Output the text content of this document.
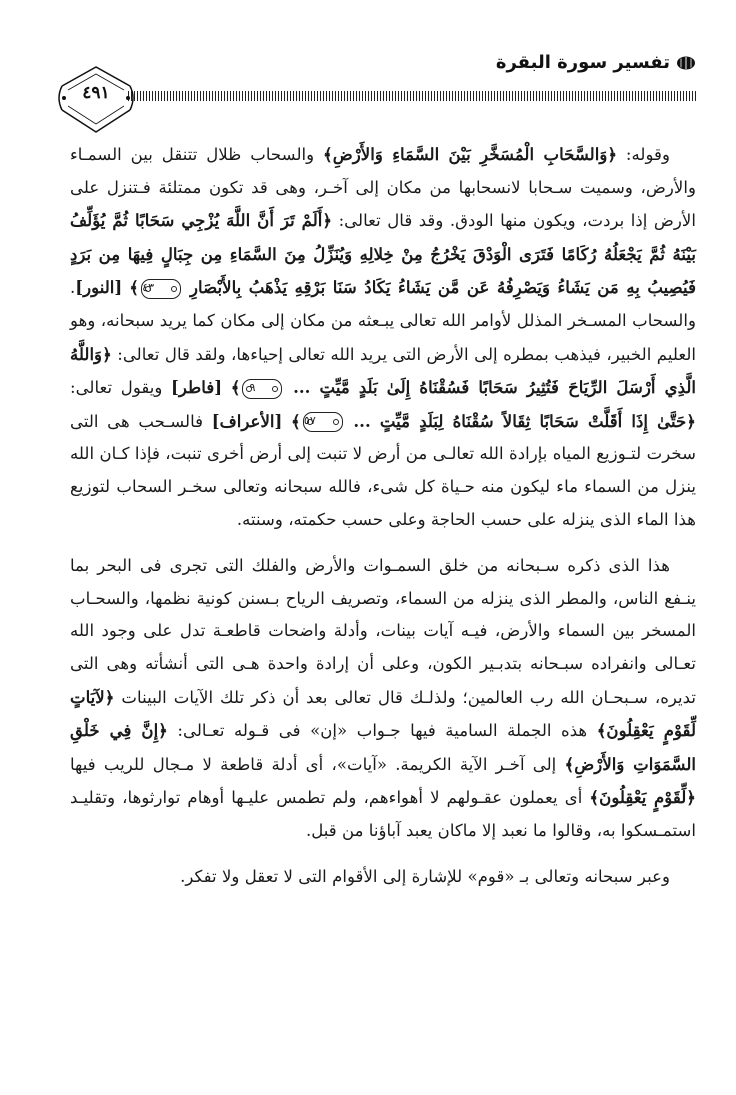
تفسير سورة البقرة
٤٩١

وقوله: ﴿وَالسَّحَابِ الْمُسَخَّرِ بَيْنَ السَّمَاءِ وَالأَرْضِ﴾ والسحاب ظلال تتنقل بين السمـاء والأرض، وسميت سـحابا لانسحابها من مكان إلى آخـر، وهى قد تكون ممتلئة فـتنزل على الأرض إذا بردت، ويكون منها الودق. وقد قال تعالى: ﴿أَلَمْ تَرَ أَنَّ اللَّهَ يُزْجِي سَحَابًا ثُمَّ يُؤَلِّفُ بَيْنَهُ ثُمَّ يَجْعَلُهُ رُكَامًا فَتَرَى الْوَدْقَ يَخْرُجُ مِنْ خِلالِهِ وَيُنَزِّلُ مِنَ السَّمَاءِ مِن جِبَالٍ فِيهَا مِن بَرَدٍ فَيُصِيبُ بِهِ مَن يَشَاءُ وَيَصْرِفُهُ عَن مَّن يَشَاءُ يَكَادُ سَنَا بَرْقِهِ يَذْهَبُ بِالأَبْصَارِ ٤٣﴾ [النور]. والسحاب المسـخر المذلل لأوامر الله تعالى يبـعثه من مكان إلى مكان كما يريد سبحانه، وهو العليم الخبير، فيذهب بمطره إلى الأرض التى يريد الله تعالى إحياءها، ولقد قال تعالى: ﴿وَاللَّهُ الَّذِي أَرْسَلَ الرِّيَاحَ فَتُثِيرُ سَحَابًا فَسُقْنَاهُ إِلَىٰ بَلَدٍ مَّيِّتٍ ... ٩﴾ [فاطر] ويقول تعالى: ﴿حَتَّىٰ إِذَا أَقَلَّتْ سَحَابًا ثِقَالاً سُقْنَاهُ لِبَلَدٍ مَّيِّتٍ ... ٥٧﴾ [الأعراف] فالسـحب هى التى سخرت لتـوزيع المياه بإرادة الله تعالـى من أرض لا تنبت إلى أرض أخرى تنبت، فإذا كـان الله ينزل من السماء ماء ليكون منه حـياة كل شىء، فالله سبحانه وتعالى سخـر السحاب لتوزيع هذا الماء الذى ينزله على حسب الحاجة وعلى حسب حكمته، وسنته.

هذا الذى ذكره سـبحانه من خلق السمـوات والأرض والفلك التى تجرى فى البحر بما ينـفع الناس، والمطر الذى ينزله من السماء، وتصريف الرياح بـسنن كونية نظمها، والسحـاب المسخر بين السماء والأرض، فيـه آيات بينات، وأدلة واضحات قاطعـة تدل على وجود الله تعـالى وانفراده سبـحانه بتدبـير الكون، وعلى أن إرادة واحدة هـى التى أنشأته وهى التى تديره، سـبحـان الله رب العالمين؛ ولذلـك قال تعالى بعد أن ذكر تلك الآيات البينات ﴿لآيَاتٍ لِّقَوْمٍ يَعْقِلُونَ﴾ هذه الجملة السامية فيها جـواب «إن» فى قـوله تعـالى: ﴿إِنَّ فِي خَلْقِ السَّمَوَاتِ وَالأَرْضِ﴾ إلى آخـر الآية الكريمة. «آيات»، أى أدلة قاطعة لا مـجال للريب فيها ﴿لِّقَوْمٍ يَعْقِلُونَ﴾ أى يعملون عقـولهم لا أهواءهم، ولم تطمس عليـها أوهام توارثوها، وتقليـد استمـسكوا به، وقالوا ما نعبد إلا ماكان يعبد آباؤنا من قبل.

وعبر سبحانه وتعالى بـ «قوم» للإشارة إلى الأقوام التى لا تعقل ولا تفكر.
